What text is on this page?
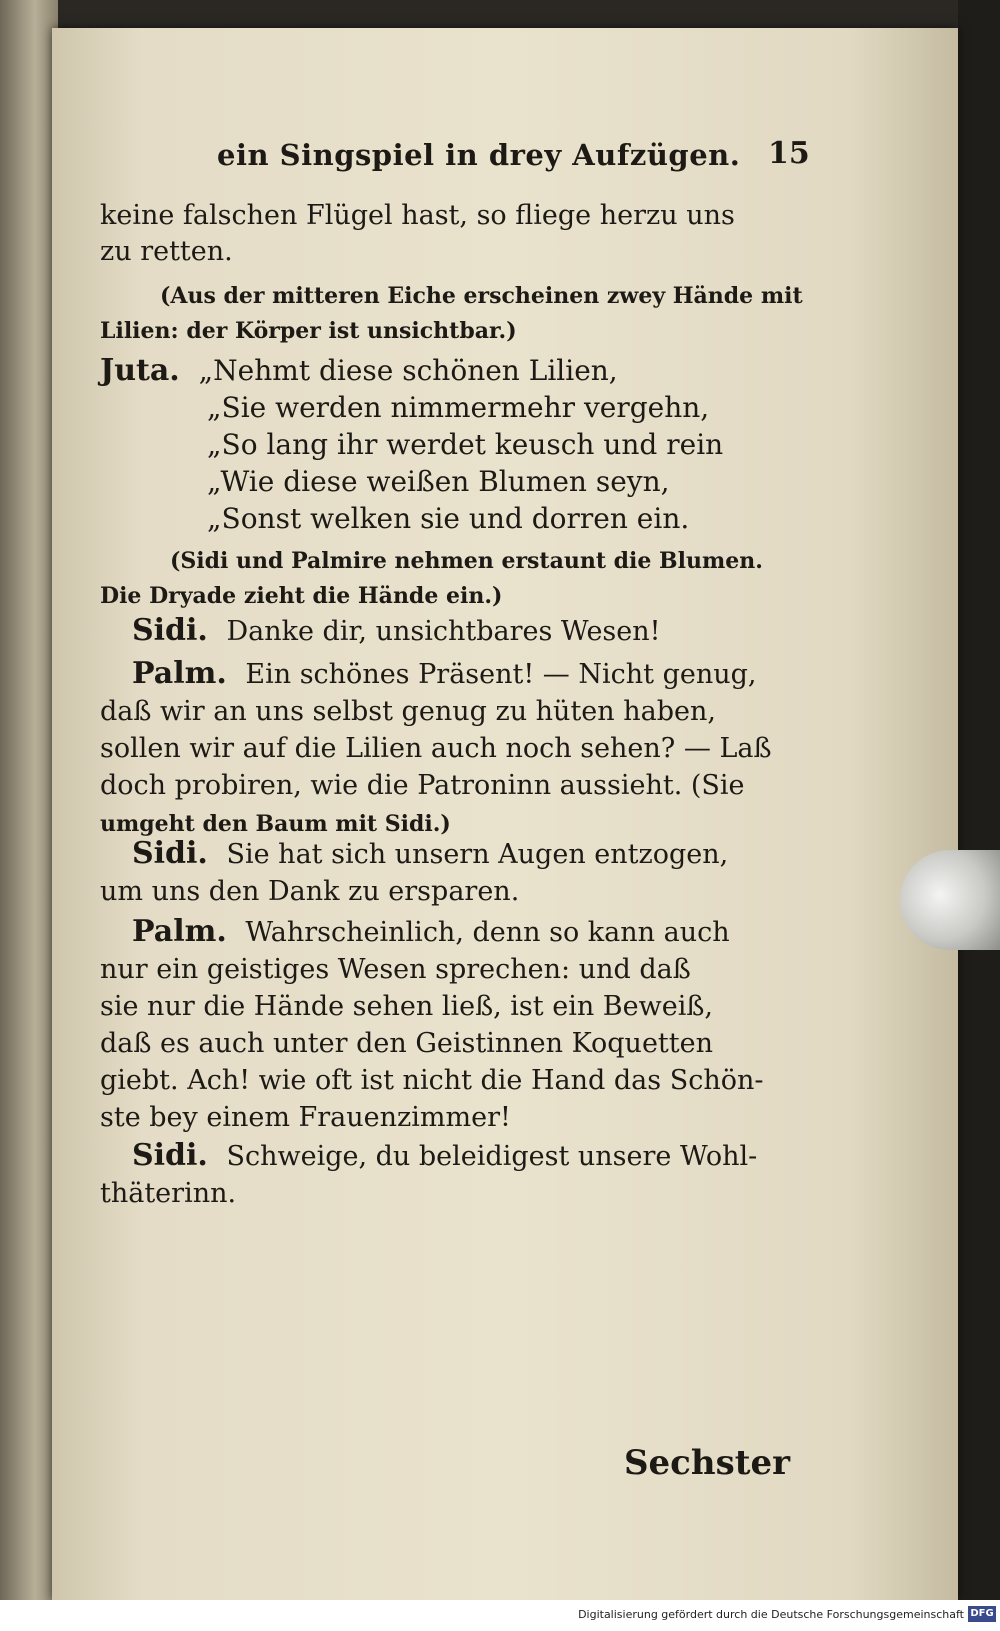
ein Singspiel in drey Aufzügen. 15
keine falschen Flügel hast, so fliege herzu uns
zu retten.
(Aus der mitteren Eiche erscheinen zwey Hände mit
Lilien: der Körper ist unsichtbar.)
Juta. „Nehmt diese schönen Lilien,
„Sie werden nimmermehr vergehn,
„So lang ihr werdet keusch und rein
„Wie diese weißen Blumen seyn,
„Sonst welken sie und dorren ein.
(Sidi und Palmire nehmen erstaunt die Blumen.
Die Dryade zieht die Hände ein.)
Sidi. Danke dir, unsichtbares Wesen!
Palm. Ein schönes Präsent! — Nicht genug,
daß wir an uns selbst genug zu hüten haben,
sollen wir auf die Lilien auch noch sehen? — Laß
doch probiren, wie die Patroninn aussieht. (Sie
umgeht den Baum mit Sidi.)
Sidi. Sie hat sich unsern Augen entzogen,
um uns den Dank zu ersparen.
Palm. Wahrscheinlich, denn so kann auch
nur ein geistiges Wesen sprechen: und daß
sie nur die Hände sehen ließ, ist ein Beweiß,
daß es auch unter den Geistinnen Koquetten
giebt. Ach! wie oft ist nicht die Hand das Schön-
ste bey einem Frauenzimmer!
Sidi. Schweige, du beleidigest unsere Wohl-
thäterinn.
Sechster
Digitalisierung gefördert durch die Deutsche Forschungsgemeinschaft DFG
